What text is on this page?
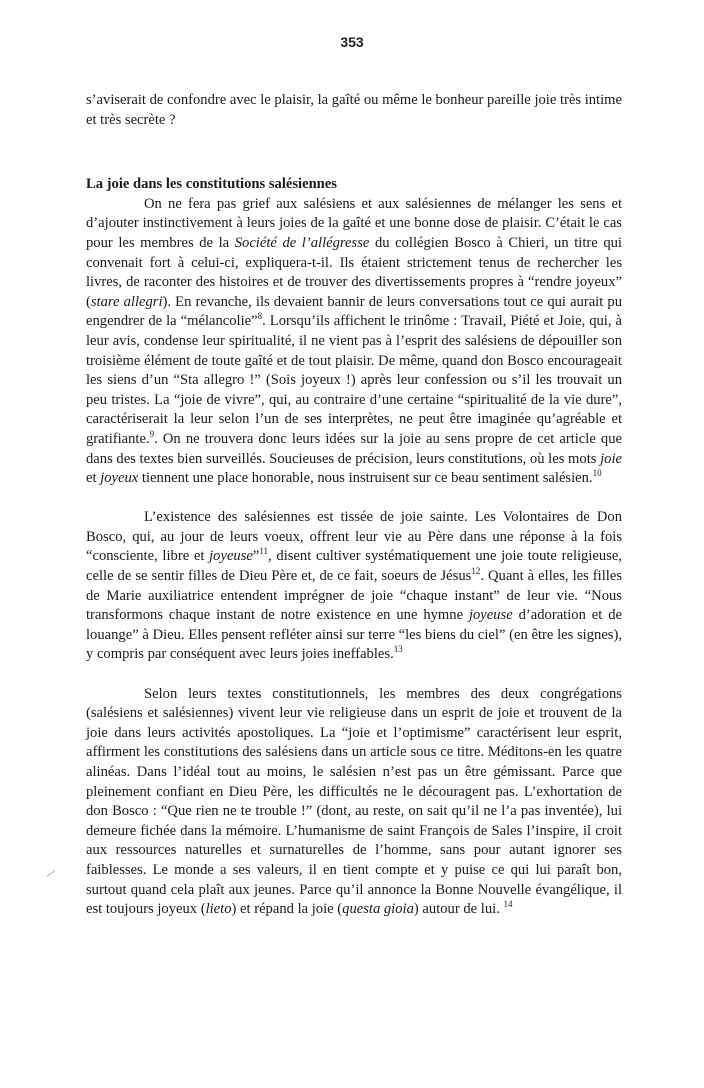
353

s’aviserait de confondre avec le plaisir, la gaîté ou même le bonheur pareille joie très intime et très secrète ?

La joie dans les constitutions salésiennes

On ne fera pas grief aux salésiens et aux salésiennes de mélanger les sens et d’ajouter instinctivement à leurs joies de la gaîté et une bonne dose de plaisir. C’était le cas pour les membres de la Société de l’allégresse du collégien Bosco à Chieri, un titre qui convenait fort à celui-ci, expliquera-t-il. Ils étaient strictement tenus de rechercher les livres, de raconter des histoires et de trouver des divertissements propres à “rendre joyeux” (stare allegri). En revanche, ils devaient bannir de leurs conversations tout ce qui aurait pu engendrer de la “mélancolie”$^8$. Lorsqu’ils affichent le trinôme : Travail, Piété et Joie, qui, à leur avis, condense leur spiritualité, il ne vient pas à l’esprit des salésiens de dépouiller son troisième élément de toute gaîté et de tout plaisir. De même, quand don Bosco encourageait les siens d’un “Sta allegro !” (Sois joyeux !) après leur confession ou s’il les trouvait un peu tristes. La “joie de vivre”, qui, au contraire d’une certaine “spiritualité de la vie dure”, caractériserait la leur selon l’un de ses interprètes, ne peut être imaginée qu’agréable et gratifiante.$^9$. On ne trouvera donc leurs idées sur la joie au sens propre de cet article que dans des textes bien surveillés. Soucieuses de précision, leurs constitutions, où les mots joie et joyeux tiennent une place honorable, nous instruisent sur ce beau sentiment salésien.$^{10}$

L’existence des salésiennes est tissée de joie sainte. Les Volontaires de Don Bosco, qui, au jour de leurs voeux, offrent leur vie au Père dans une réponse à la fois “consciente, libre et joyeuse”$^{11}$, disent cultiver systématiquement une joie toute religieuse, celle de se sentir filles de Dieu Père et, de ce fait, soeurs de Jésus$^{12}$. Quant à elles, les filles de Marie auxiliatrice entendent imprégner de joie “chaque instant” de leur vie. “Nous transformons chaque instant de notre existence en une hymne joyeuse d’adoration et de louange” à Dieu. Elles pensent refléter ainsi sur terre “les biens du ciel” (en être les signes), y compris par conséquent avec leurs joies ineffables.$^{13}$

Selon leurs textes constitutionnels, les membres des deux congrégations (salésiens et salésiennes) vivent leur vie religieuse dans un esprit de joie et trouvent de la joie dans leurs activités apostoliques. La “joie et l’optimisme” caractérisent leur esprit, affirment les constitutions des salésiens dans un article sous ce titre. Méditons-en les quatre alinéas. Dans l’idéal tout au moins, le salésien n’est pas un être gémissant. Parce que pleinement confiant en Dieu Père, les difficultés ne le découragent pas. L’exhortation de don Bosco : “Que rien ne te trouble !” (dont, au reste, on sait qu’il ne l’a pas inventée), lui demeure fichée dans la mémoire. L’humanisme de saint François de Sales l’inspire, il croit aux ressources naturelles et surnaturelles de l’homme, sans pour autant ignorer ses faiblesses. Le monde a ses valeurs, il en tient compte et y puise ce qui lui paraît bon, surtout quand cela plaît aux jeunes. Parce qu’il annonce la Bonne Nouvelle évangélique, il est toujours joyeux (lieto) et répand la joie (questa gioia) autour de lui. $^{14}$
